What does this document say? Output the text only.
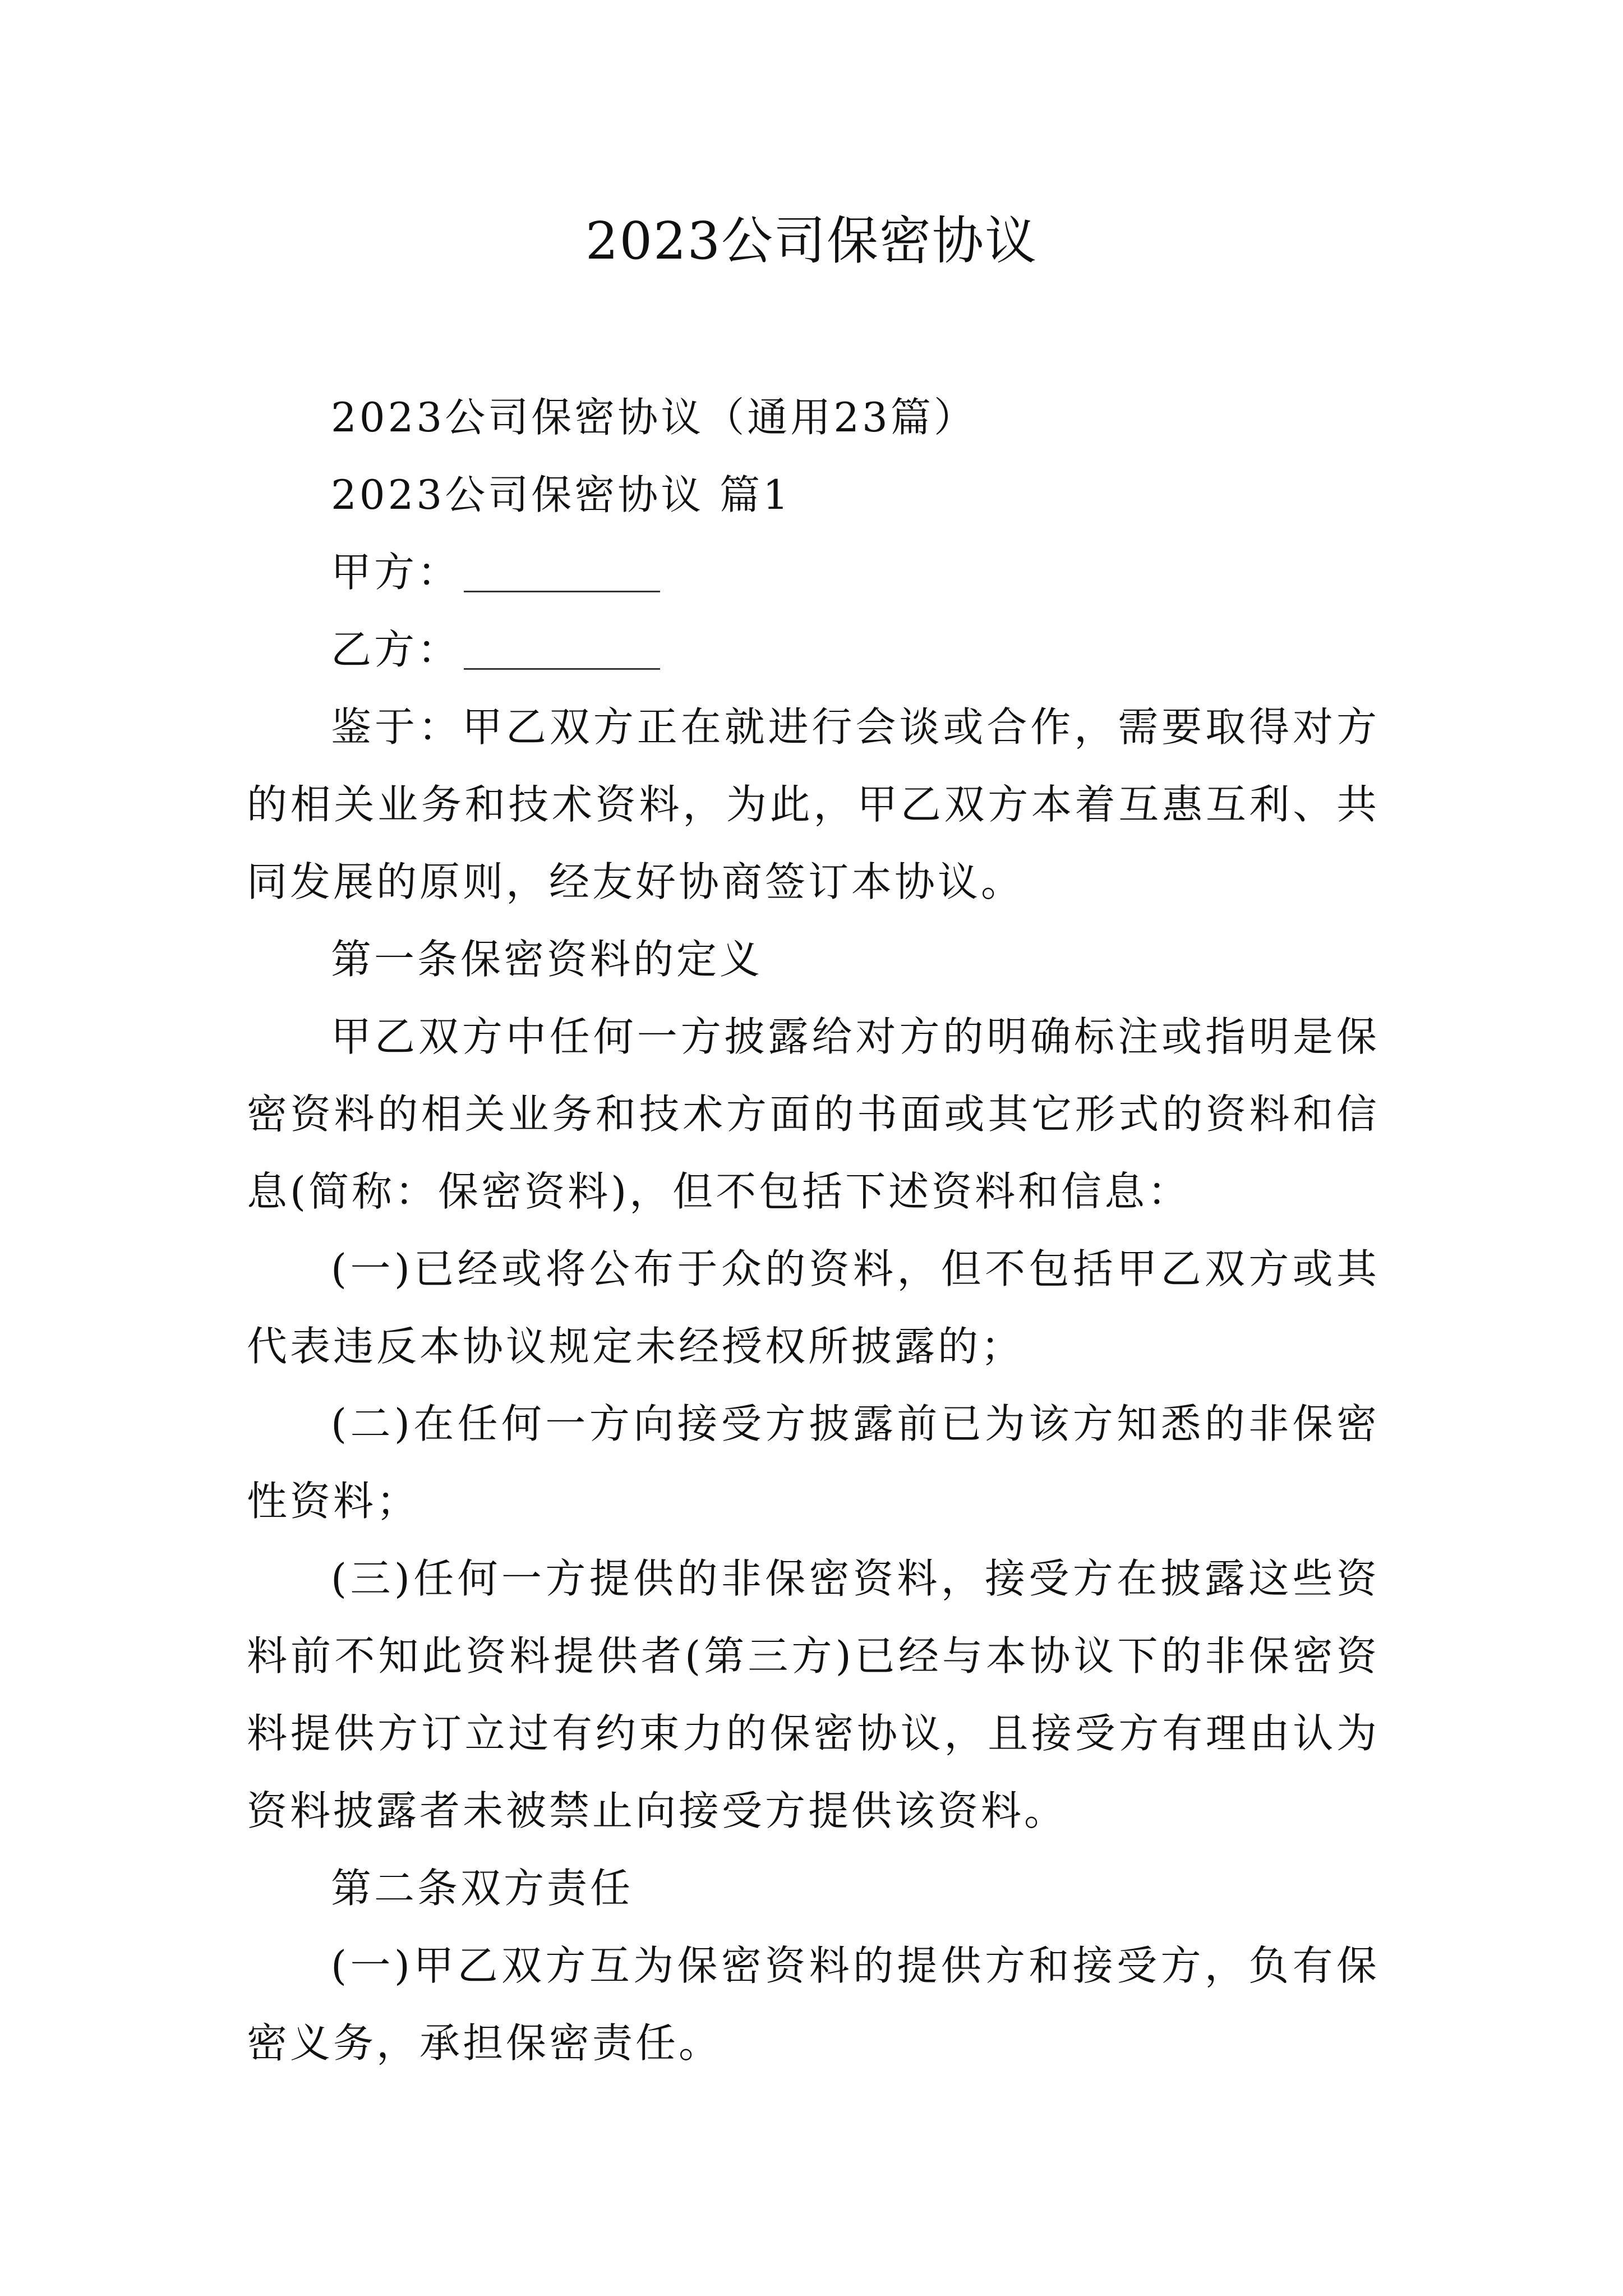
2023公司保密协议

2023公司保密协议（通用23篇）

2023公司保密协议 篇1

甲方：

乙方：

鉴于：甲乙双方正在就进行会谈或合作，需要取得对方的相关业务和技术资料，为此，甲乙双方本着互惠互利、共同发展的原则，经友好协商签订本协议。

第一条保密资料的定义

甲乙双方中任何一方披露给对方的明确标注或指明是保密资料的相关业务和技术方面的书面或其它形式的资料和信息(简称：保密资料)，但不包括下述资料和信息：

(一)已经或将公布于众的资料，但不包括甲乙双方或其代表违反本协议规定未经授权所披露的；

(二)在任何一方向接受方披露前已为该方知悉的非保密性资料；

(三)任何一方提供的非保密资料，接受方在披露这些资料前不知此资料提供者(第三方)已经与本协议下的非保密资料提供方订立过有约束力的保密协议，且接受方有理由认为资料披露者未被禁止向接受方提供该资料。

第二条双方责任

(一)甲乙双方互为保密资料的提供方和接受方，负有保密义务，承担保密责任。
